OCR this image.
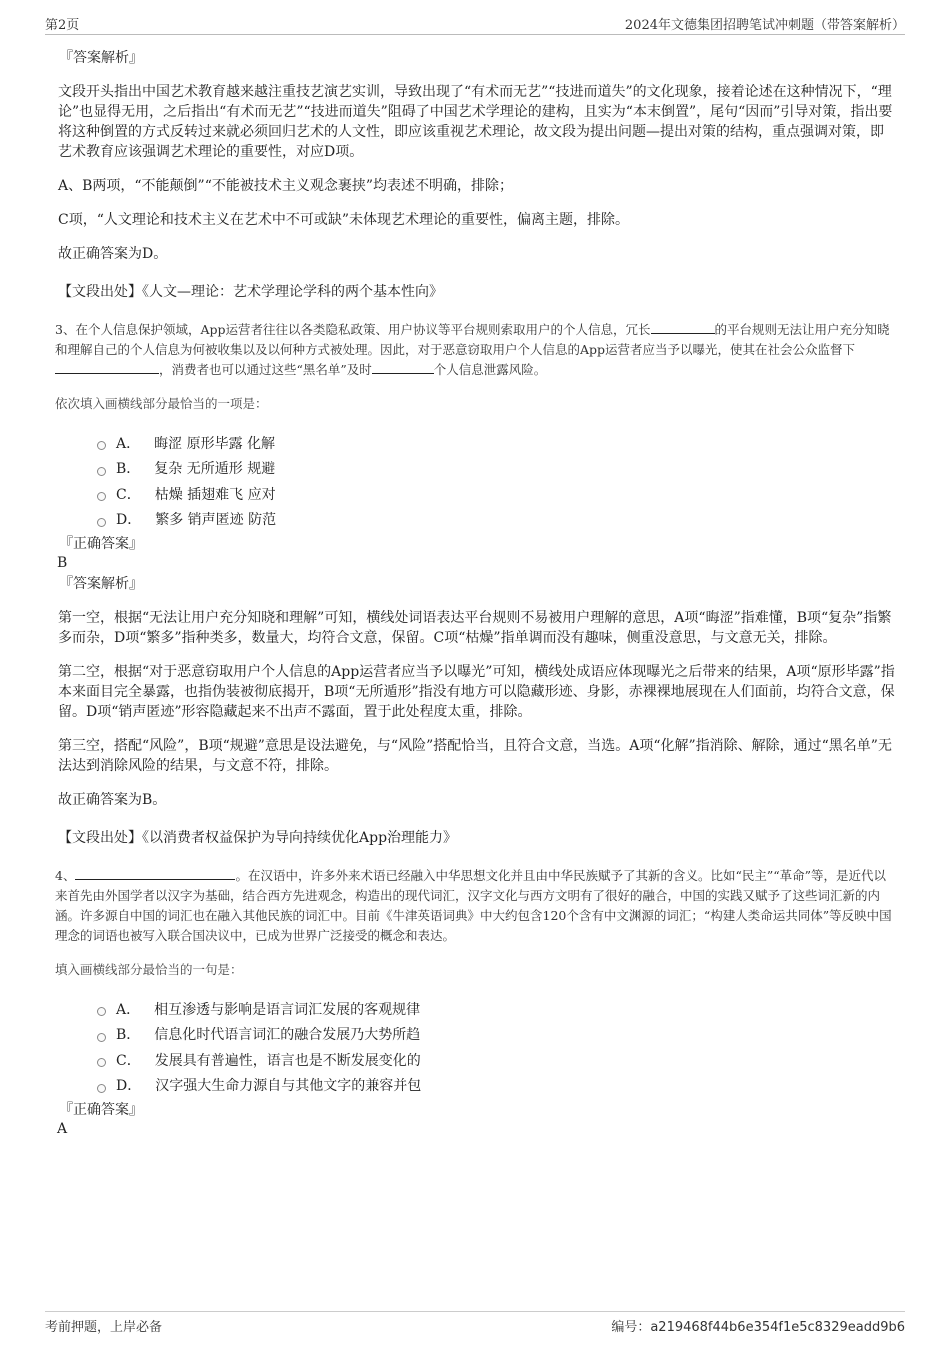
第2页	2024年文德集团招聘笔试冲刺题（带答案解析）
『答案解析』
文段开头指出中国艺术教育越来越注重技艺演艺实训，导致出现了“有术而无艺”“技进而道失”的文化现象，接着论述在这种情况下，“理论”也显得无用，之后指出“有术而无艺”“技进而道失”阻碍了中国艺术学理论的建构，且实为“本末倒置”，尾句“因而”引导对策，指出要将这种倒置的方式反转过来就必须回归艺术的人文性，即应该重视艺术理论，故文段为提出问题—提出对策的结构，重点强调对策，即艺术教育应该强调艺术理论的重要性，对应D项。
A、B两项，“不能颠倒”“不能被技术主义观念裹挟”均表述不明确，排除；
C项，“人文理论和技术主义在艺术中不可或缺”未体现艺术理论的重要性，偏离主题，排除。
故正确答案为D。
【文段出处】《人文—理论：艺术学理论学科的两个基本性向》
3、在个人信息保护领域，App运营者往往以各类隐私政策、用户协议等平台规则索取用户的个人信息，冗长	的平台规则无法让用户充分知晓和理解自己的个人信息为何被收集以及以何种方式被处理。因此，对于恶意窃取用户个人信息的App运营者应当予以曝光，使其在社会公众监督下，消费者也可以通过这些“黑名单”及时	个人信息泄露风险。
依次填入画横线部分最恰当的一项是：
A． 晦涩 原形毕露 化解
B． 复杂 无所遁形 规避
C． 枯燥 插翅难飞 应对
D． 繁多 销声匿迹 防范
『正确答案』
B
『答案解析』
第一空，根据“无法让用户充分知晓和理解”可知，横线处词语表达平台规则不易被用户理解的意思，A项“晦涩”指难懂，B项“复杂”指繁多而杂，D项“繁多”指种类多，数量大，均符合文意，保留。C项“枯燥”指单调而没有趣味，侧重没意思，与文意无关，排除。
第二空，根据“对于恶意窃取用户个人信息的App运营者应当予以曝光”可知，横线处成语应体现曝光之后带来的结果，A项“原形毕露”指本来面目完全暴露，也指伪装被彻底揭开，B项“无所遁形”指没有地方可以隐藏形迹、身影，赤裸裸地展现在人们面前，均符合文意，保留。D项“销声匿迹”形容隐藏起来不出声不露面，置于此处程度太重，排除。
第三空，搭配“风险”，B项“规避”意思是设法避免，与“风险”搭配恰当，且符合文意，当选。A项“化解”指消除、解除，通过“黑名单”无法达到消除风险的结果，与文意不符，排除。
故正确答案为B。
【文段出处】《以消费者权益保护为导向持续优化App治理能力》
4、	。在汉语中，许多外来术语已经融入中华思想文化并且由中华民族赋予了其新的含义。比如“民主”“革命”等，是近代以来首先由外国学者以汉字为基础，结合西方先进观念，构造出的现代词汇，汉字文化与西方文明有了很好的融合，中国的实践又赋予了这些词汇新的内涵。许多源自中国的词汇也在融入其他民族的词汇中。目前《牛津英语词典》中大约包含120个含有中文渊源的词汇；“构建人类命运共同体”等反映中国理念的词语也被写入联合国决议中，已成为世界广泛接受的概念和表达。
填入画横线部分最恰当的一句是：
A． 相互渗透与影响是语言词汇发展的客观规律
B． 信息化时代语言词汇的融合发展乃大势所趋
C． 发展具有普遍性，语言也是不断发展变化的
D． 汉字强大生命力源自与其他文字的兼容并包
『正确答案』
A
考前押题，上岸必备	编号：a219468f44b6e354f1e5c8329eadd9b6
